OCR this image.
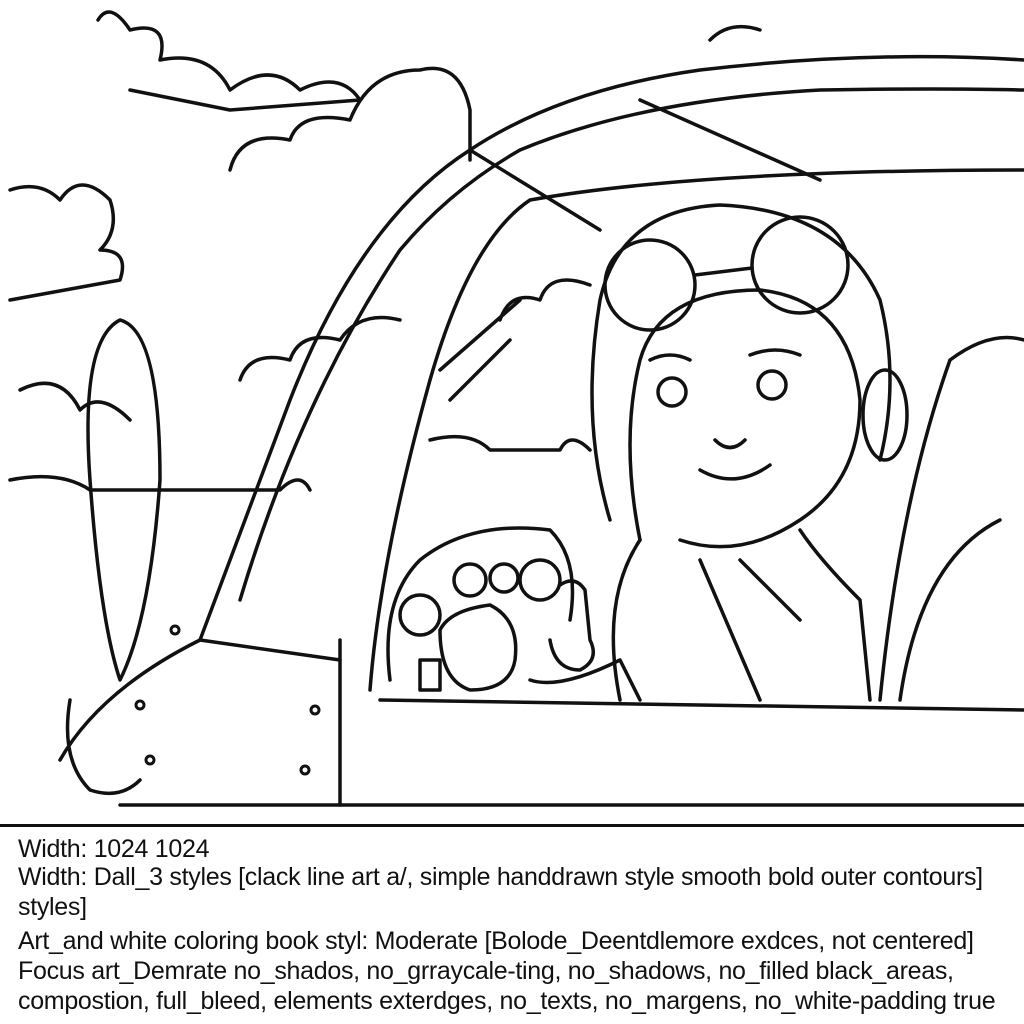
Width: 1024 1024
Width: Dall_3 styles [clack line art a/, simple handdrawn style smooth bold outer contours]
styles]
Art_and white coloring book styl: Moderate [Bolode_Deentdlemore exdces, not centered]
Focus art_Demrate no_shados, no_grraycale-ting, no_shadows, no_filled black_areas,
compostion, full_bleed, elements exterdges, no_texts, no_margens, no_white-padding true
